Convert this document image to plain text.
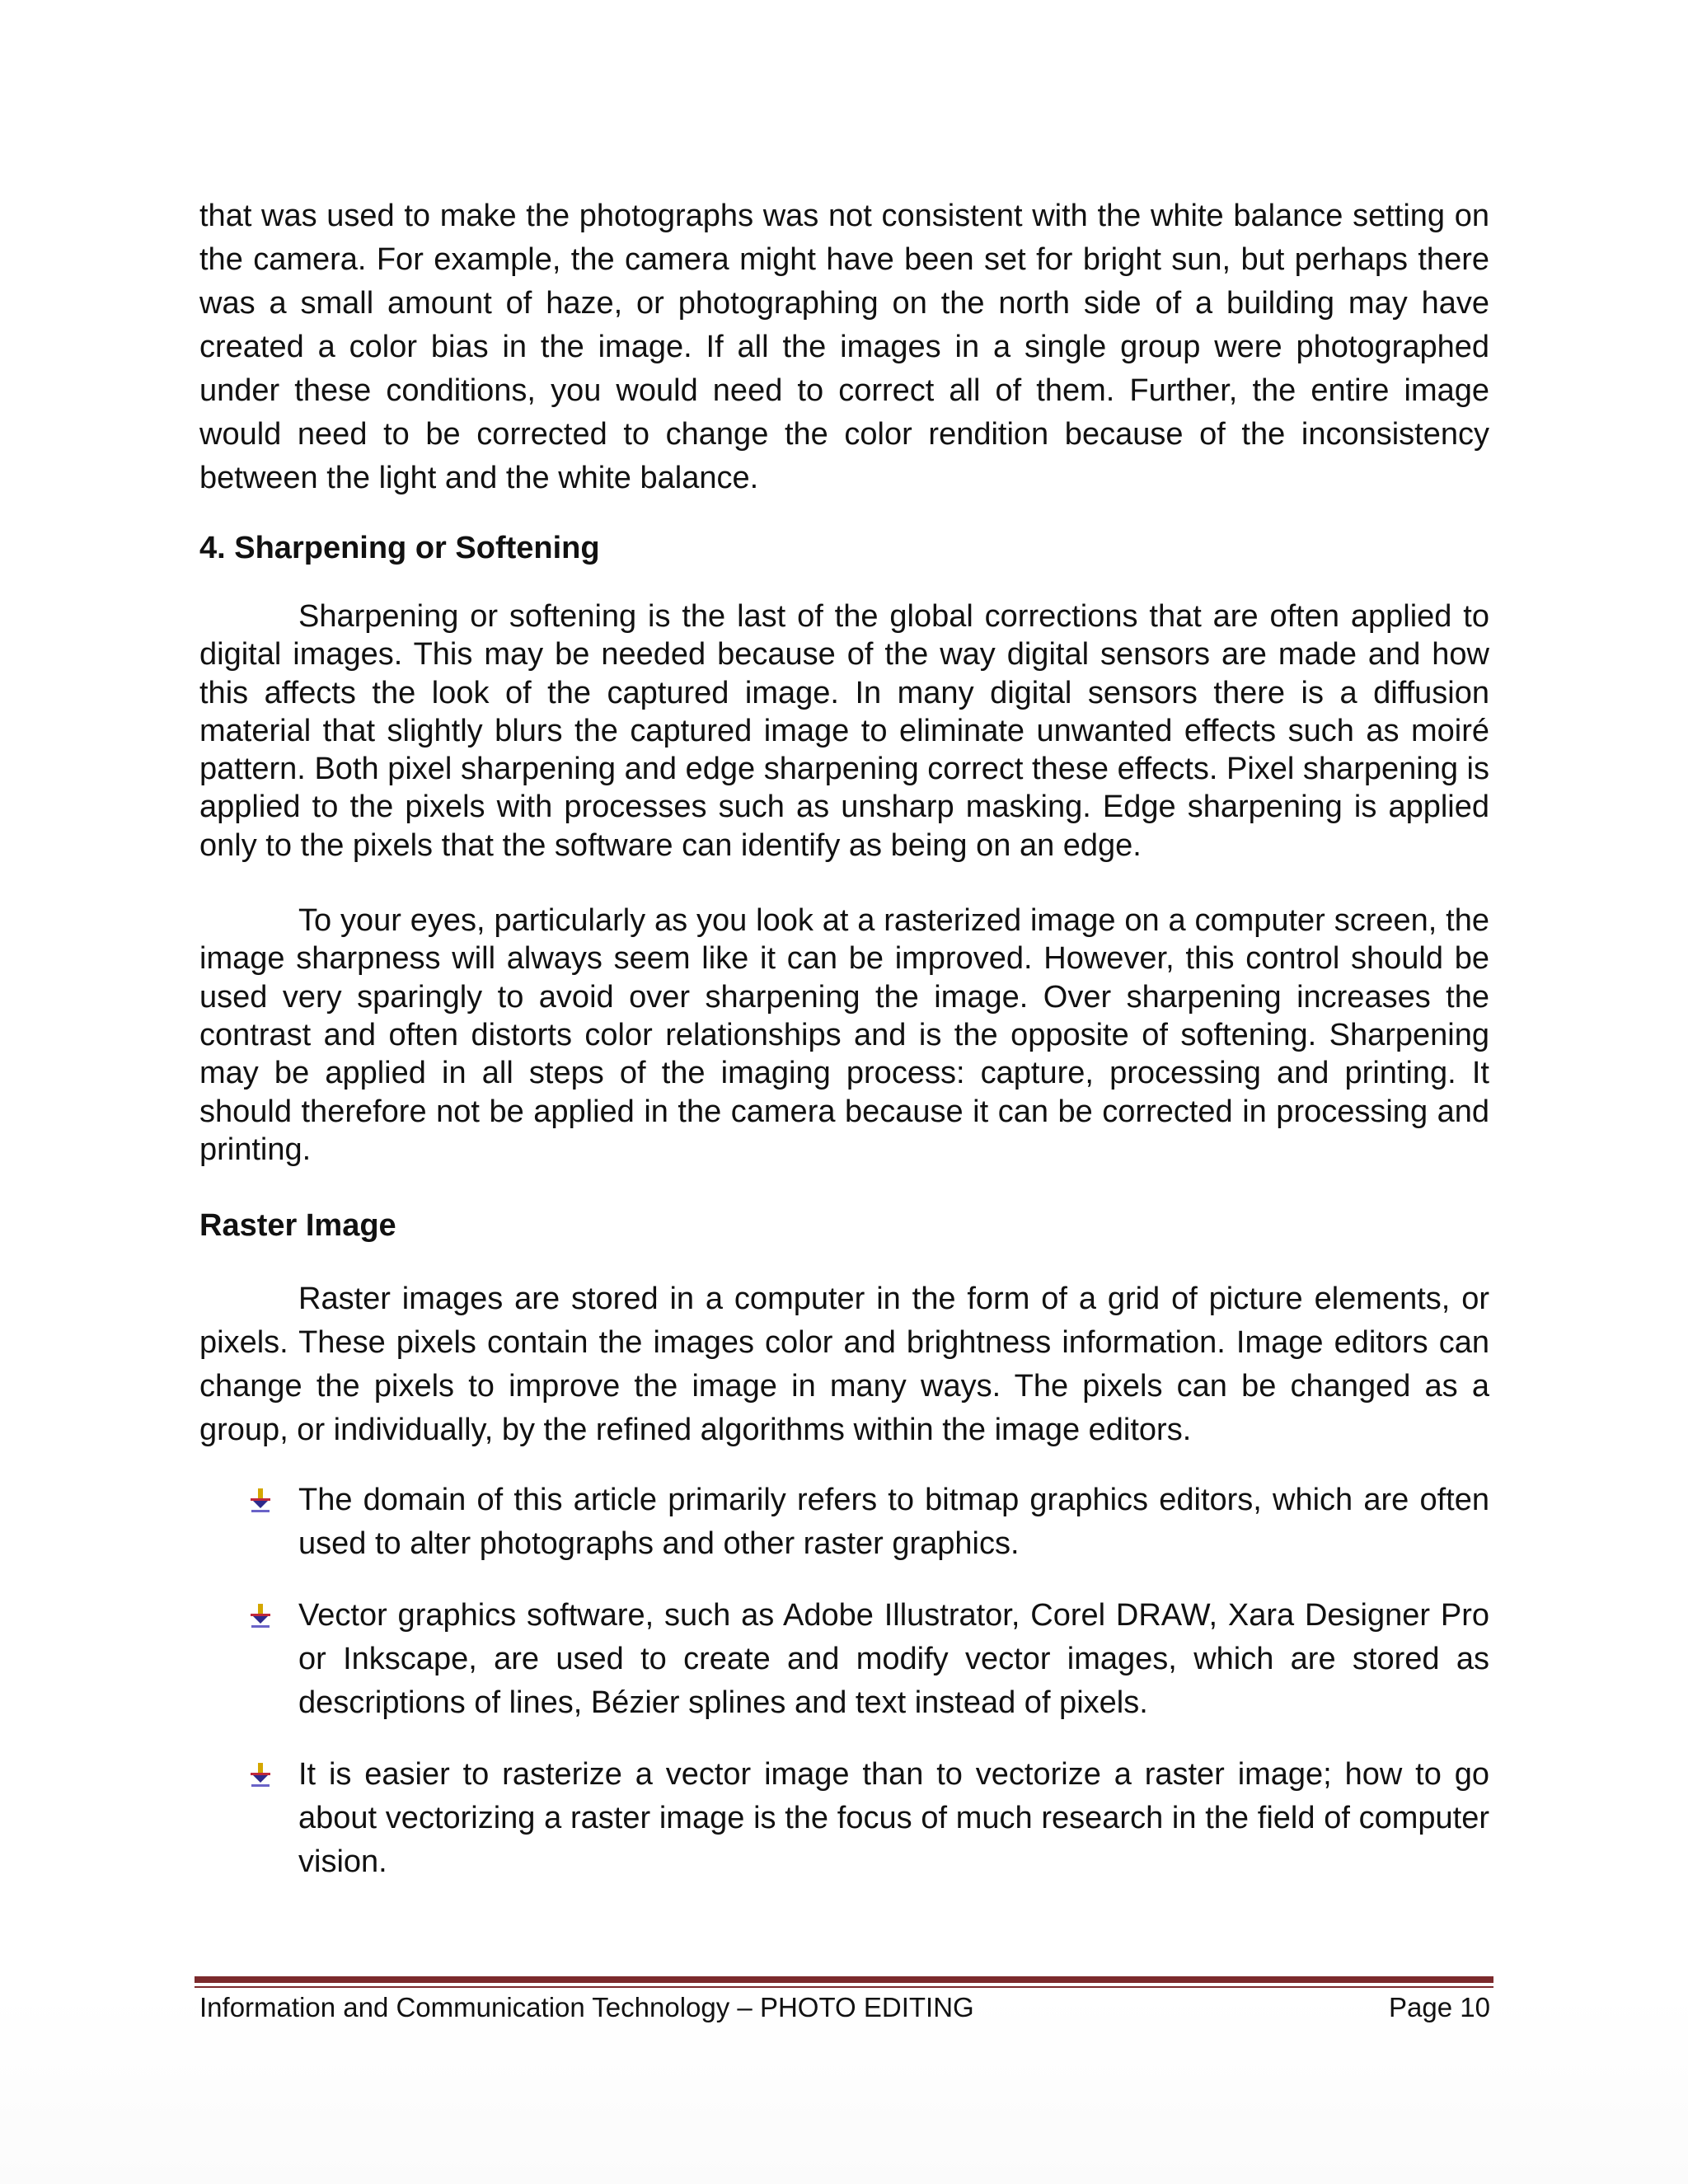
that was used to make the photographs was not consistent with the white balance setting on the camera. For example, the camera might have been set for bright sun, but perhaps there was a small amount of haze, or photographing on the north side of a building may have created a color bias in the image. If all the images in a single group were photographed under these conditions, you would need to correct all of them. Further, the entire image would need to be corrected to change the color rendition because of the inconsistency between the light and the white balance.

4. Sharpening or Softening

Sharpening or softening is the last of the global corrections that are often applied to digital images. This may be needed because of the way digital sensors are made and how this affects the look of the captured image. In many digital sensors there is a diffusion material that slightly blurs the captured image to eliminate unwanted effects such as moiré pattern. Both pixel sharpening and edge sharpening correct these effects. Pixel sharpening is applied to the pixels with processes such as unsharp masking. Edge sharpening is applied only to the pixels that the software can identify as being on an edge.

To your eyes, particularly as you look at a rasterized image on a computer screen, the image sharpness will always seem like it can be improved. However, this control should be used very sparingly to avoid over sharpening the image. Over sharpening increases the contrast and often distorts color relationships and is the opposite of softening. Sharpening may be applied in all steps of the imaging process: capture, processing and printing. It should therefore not be applied in the camera because it can be corrected in processing and printing.

Raster Image

Raster images are stored in a computer in the form of a grid of picture elements, or pixels. These pixels contain the images color and brightness information. Image editors can change the pixels to improve the image in many ways. The pixels can be changed as a group, or individually, by the refined algorithms within the image editors.

The domain of this article primarily refers to bitmap graphics editors, which are often used to alter photographs and other raster graphics.
Vector graphics software, such as Adobe Illustrator, Corel DRAW, Xara Designer Pro or Inkscape, are used to create and modify vector images, which are stored as descriptions of lines, Bézier splines and text instead of pixels.
It is easier to rasterize a vector image than to vectorize a raster image; how to go about vectorizing a raster image is the focus of much research in the field of computer vision.
Information and Communication Technology – PHOTO EDITING	Page 10
